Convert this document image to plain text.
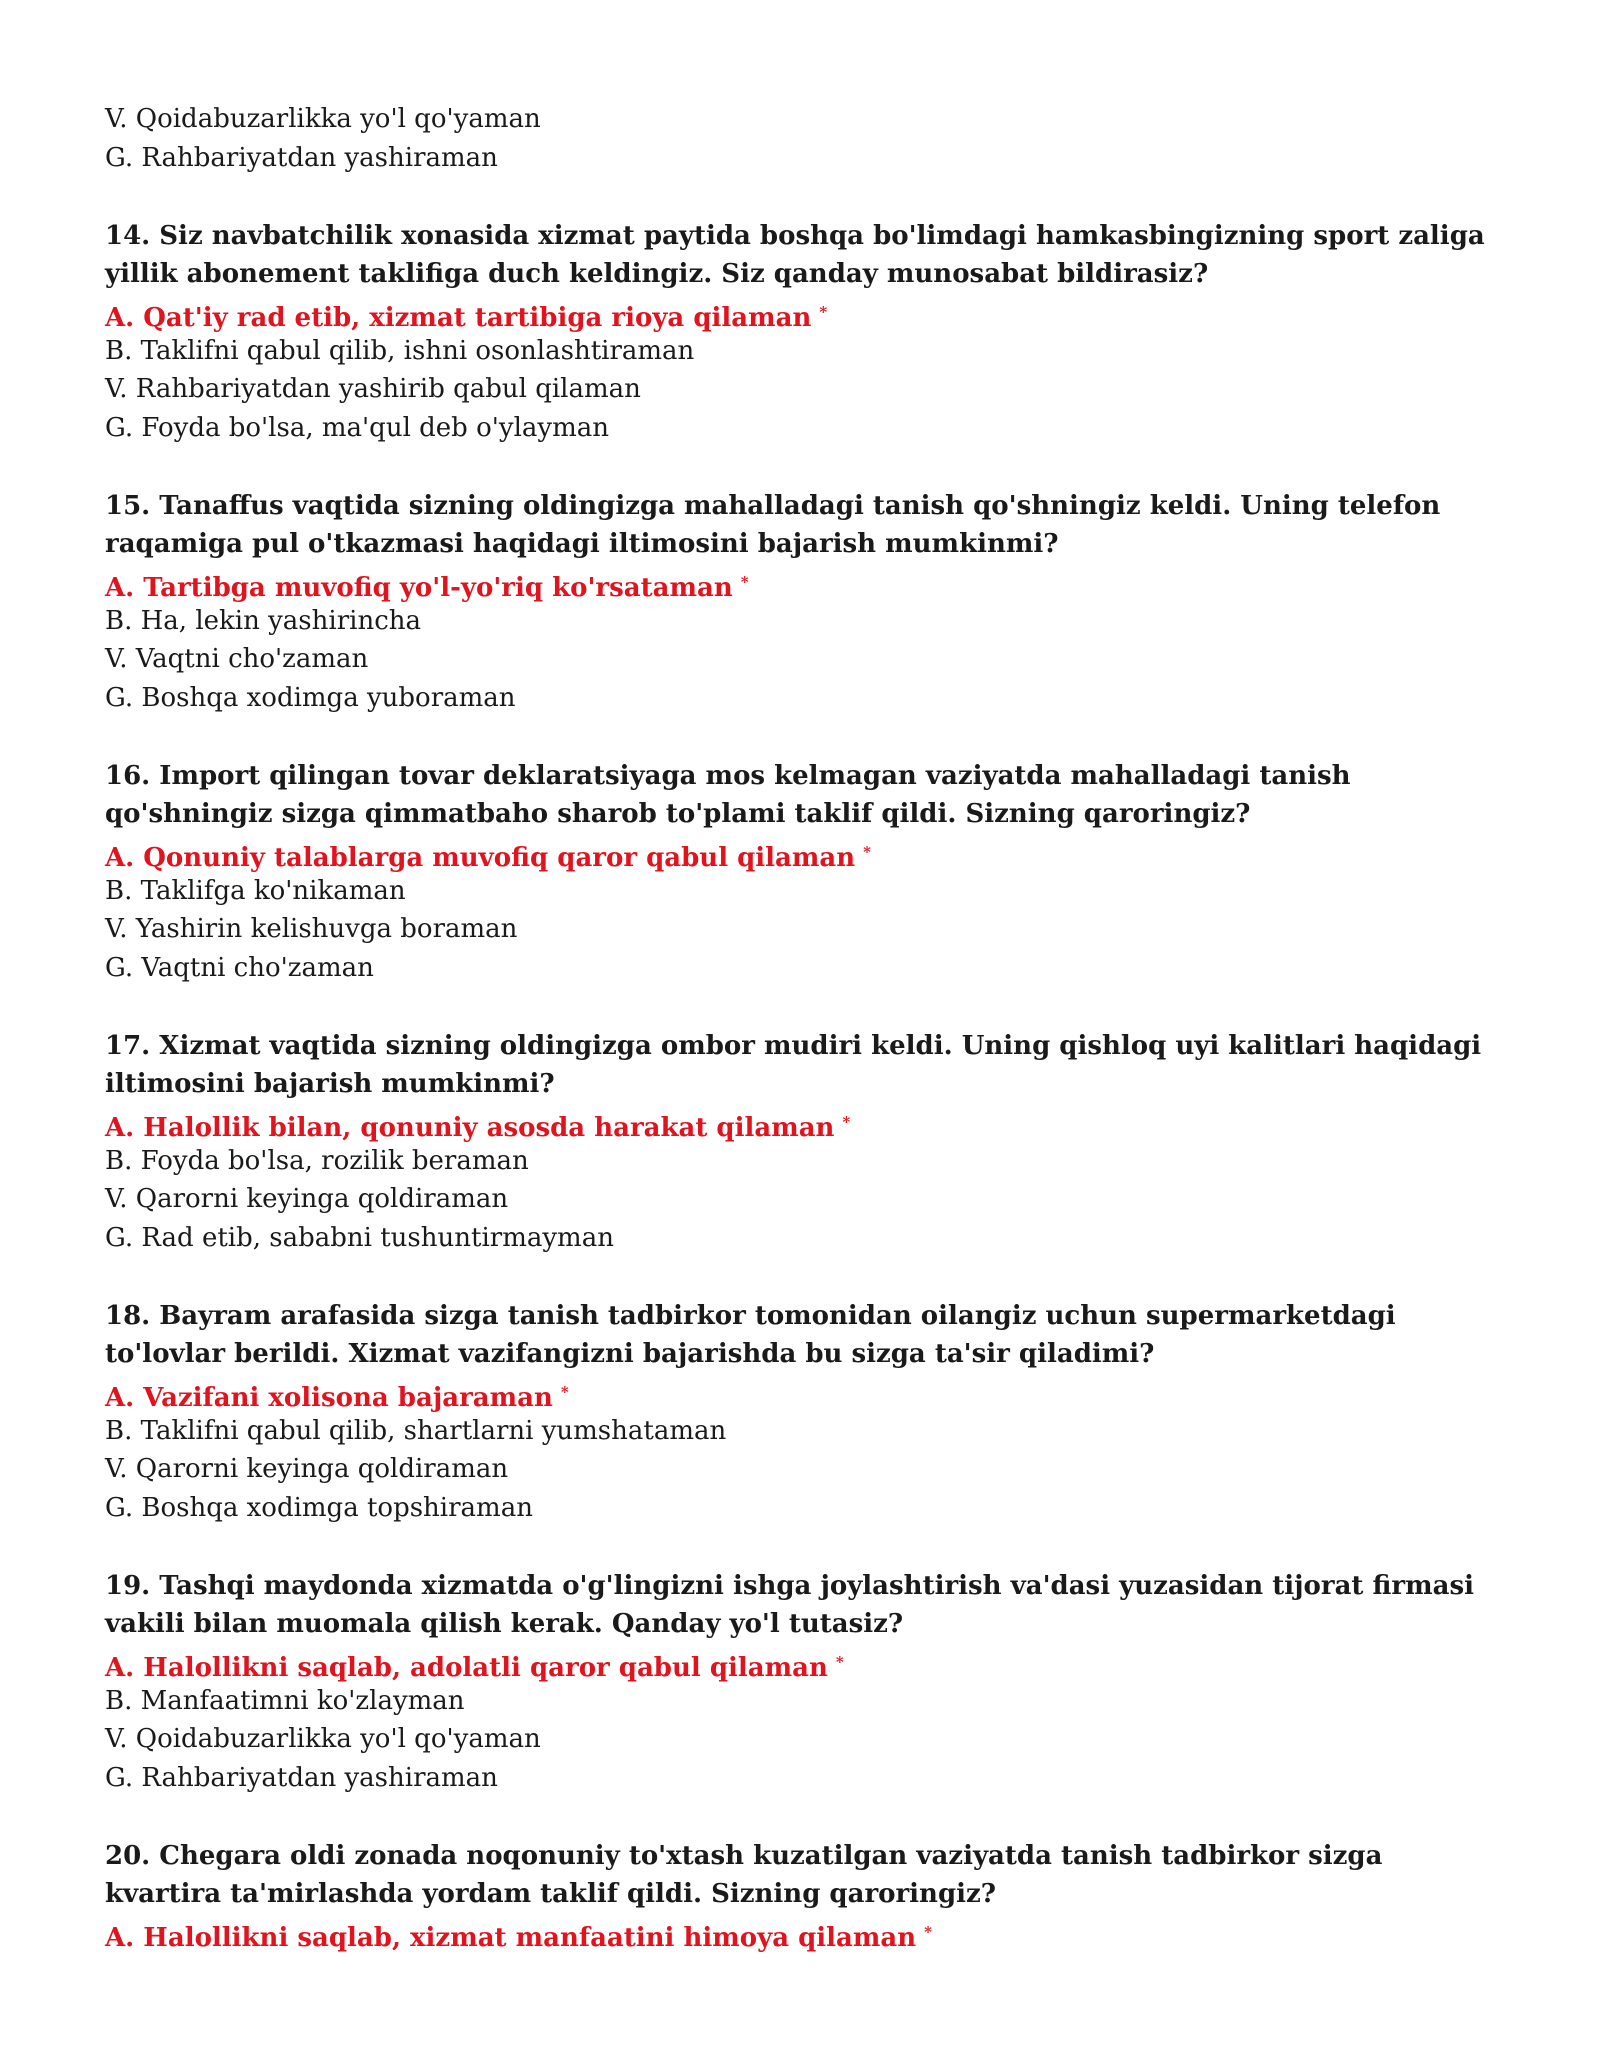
V. Qoidabuzarlikka yo'l qo'yaman
G. Rahbariyatdan yashiraman
14. Siz navbatchilik xonasida xizmat paytida boshqa bo'limdagi hamkasbingizning sport zaliga yillik abonement taklifiga duch keldingiz. Siz qanday munosabat bildirasiz?
A. Qat'iy rad etib, xizmat tartibiga rioya qilaman *
B. Taklifni qabul qilib, ishni osonlashtiraman
V. Rahbariyatdan yashirib qabul qilaman
G. Foyda bo'lsa, ma'qul deb o'ylayman
15. Tanaffus vaqtida sizning oldingizga mahalladagi tanish qo'shningiz keldi. Uning telefon raqamiga pul o'tkazmasi haqidagi iltimosini bajarish mumkinmi?
A. Tartibga muvofiq yo'l-yo'riq ko'rsataman *
B. Ha, lekin yashirincha
V. Vaqtni cho'zaman
G. Boshqa xodimga yuboraman
16. Import qilingan tovar deklaratsiyaga mos kelmagan vaziyatda mahalladagi tanish qo'shningiz sizga qimmatbaho sharob to'plami taklif qildi. Sizning qaroringiz?
A. Qonuniy talablarga muvofiq qaror qabul qilaman *
B. Taklifga ko'nikaman
V. Yashirin kelishuvga boraman
G. Vaqtni cho'zaman
17. Xizmat vaqtida sizning oldingizga ombor mudiri keldi. Uning qishloq uyi kalitlari haqidagi iltimosini bajarish mumkinmi?
A. Halollik bilan, qonuniy asosda harakat qilaman *
B. Foyda bo'lsa, rozilik beraman
V. Qarorni keyinga qoldiraman
G. Rad etib, sababni tushuntirmayman
18. Bayram arafasida sizga tanish tadbirkor tomonidan oilangiz uchun supermarketdagi to'lovlar berildi. Xizmat vazifangizni bajarishda bu sizga ta'sir qiladimi?
A. Vazifani xolisona bajaraman *
B. Taklifni qabul qilib, shartlarni yumshataman
V. Qarorni keyinga qoldiraman
G. Boshqa xodimga topshiraman
19. Tashqi maydonda xizmatda o'g'lingizni ishga joylashtirish va'dasi yuzasidan tijorat firmasi vakili bilan muomala qilish kerak. Qanday yo'l tutasiz?
A. Halollikni saqlab, adolatli qaror qabul qilaman *
B. Manfaatimni ko'zlayman
V. Qoidabuzarlikka yo'l qo'yaman
G. Rahbariyatdan yashiraman
20. Chegara oldi zonada noqonuniy to'xtash kuzatilgan vaziyatda tanish tadbirkor sizga kvartira ta'mirlashda yordam taklif qildi. Sizning qaroringiz?
A. Halollikni saqlab, xizmat manfaatini himoya qilaman *
